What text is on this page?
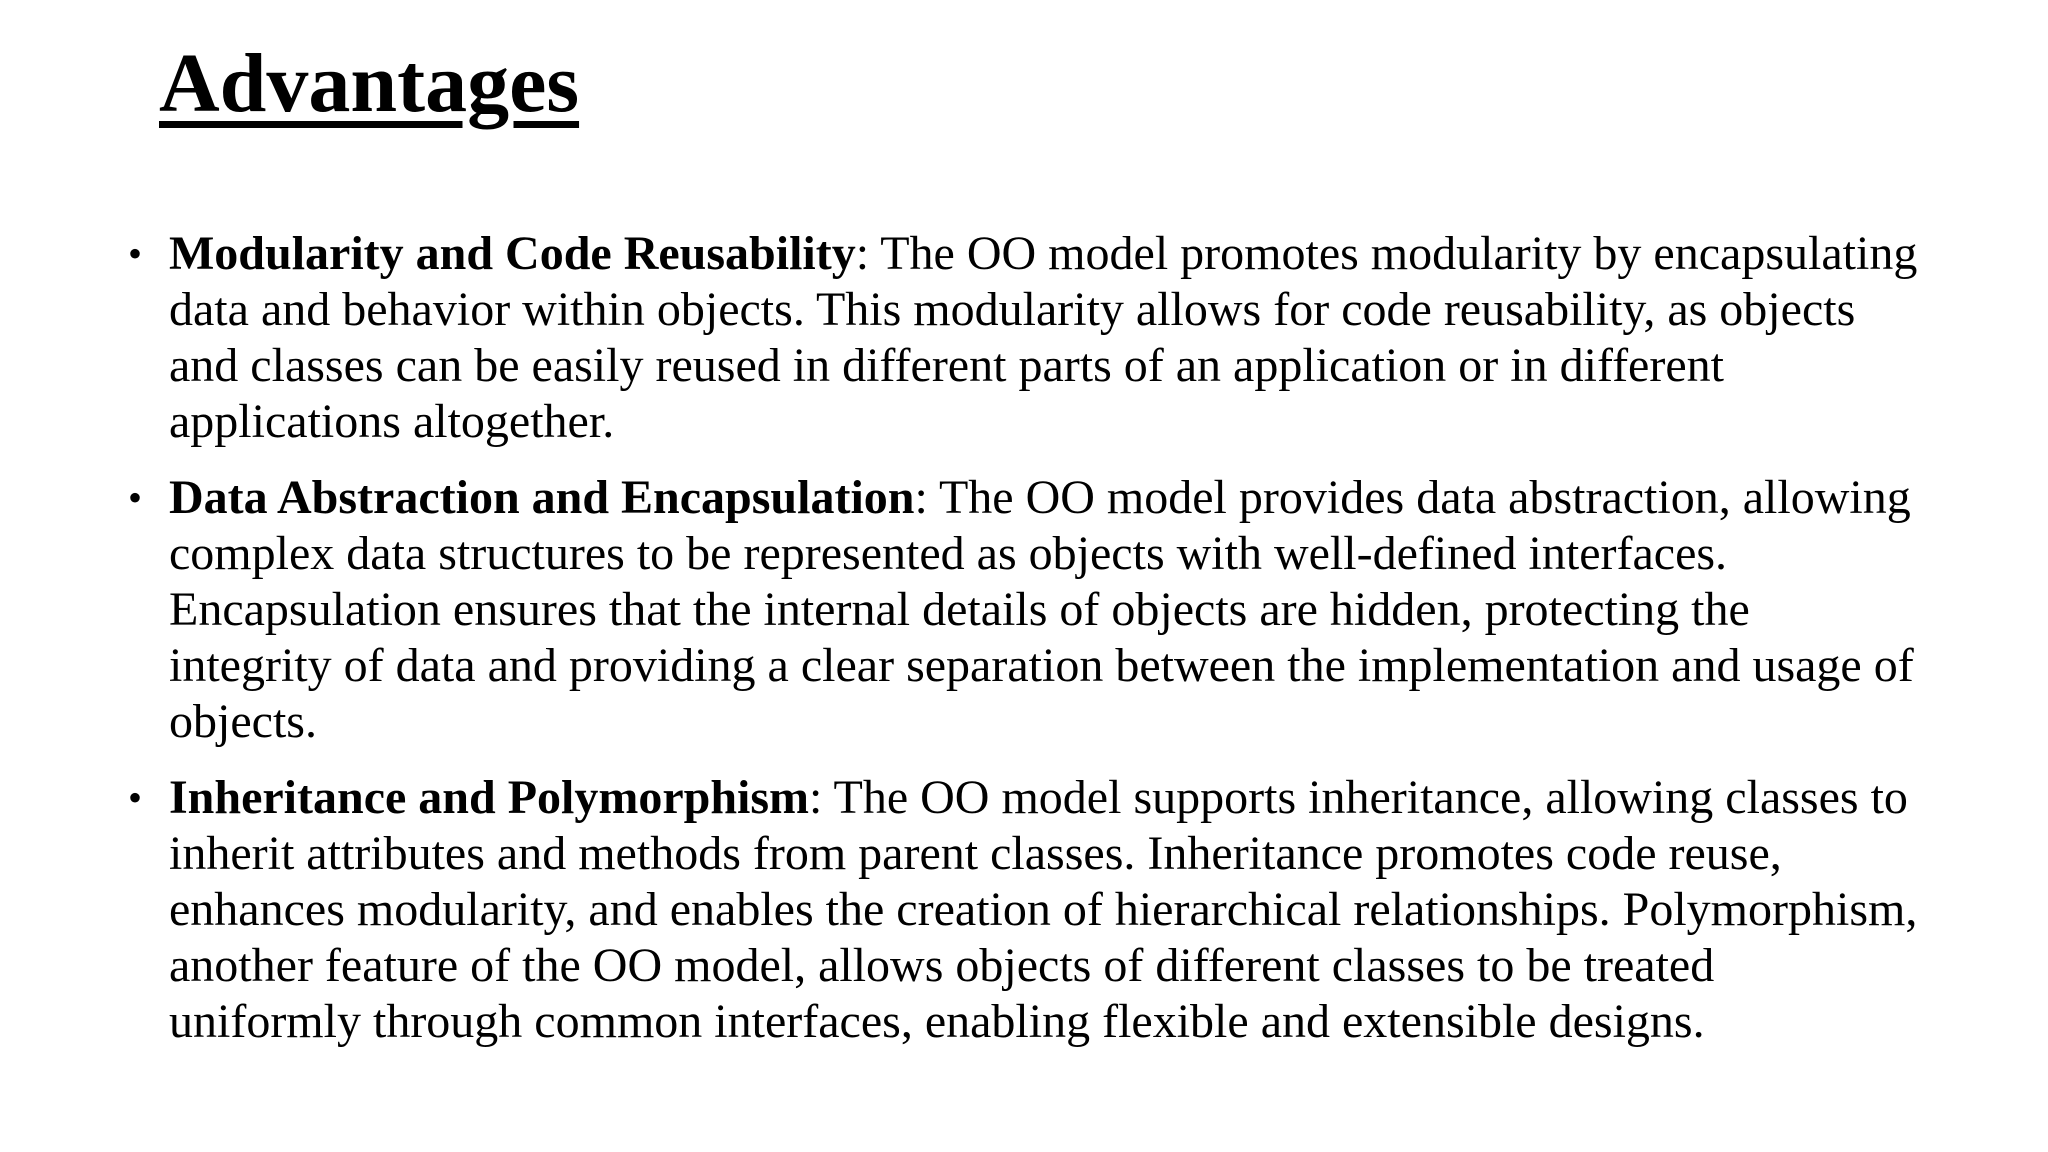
Advantages
• Modularity and Code Reusability: The OO model promotes modularity by encapsulating data and behavior within objects. This modularity allows for code reusability, as objects and classes can be easily reused in different parts of an application or in different applications altogether.
• Data Abstraction and Encapsulation: The OO model provides data abstraction, allowing complex data structures to be represented as objects with well-defined interfaces. Encapsulation ensures that the internal details of objects are hidden, protecting the integrity of data and providing a clear separation between the implementation and usage of objects.
• Inheritance and Polymorphism: The OO model supports inheritance, allowing classes to inherit attributes and methods from parent classes. Inheritance promotes code reuse, enhances modularity, and enables the creation of hierarchical relationships. Polymorphism, another feature of the OO model, allows objects of different classes to be treated uniformly through common interfaces, enabling flexible and extensible designs.
